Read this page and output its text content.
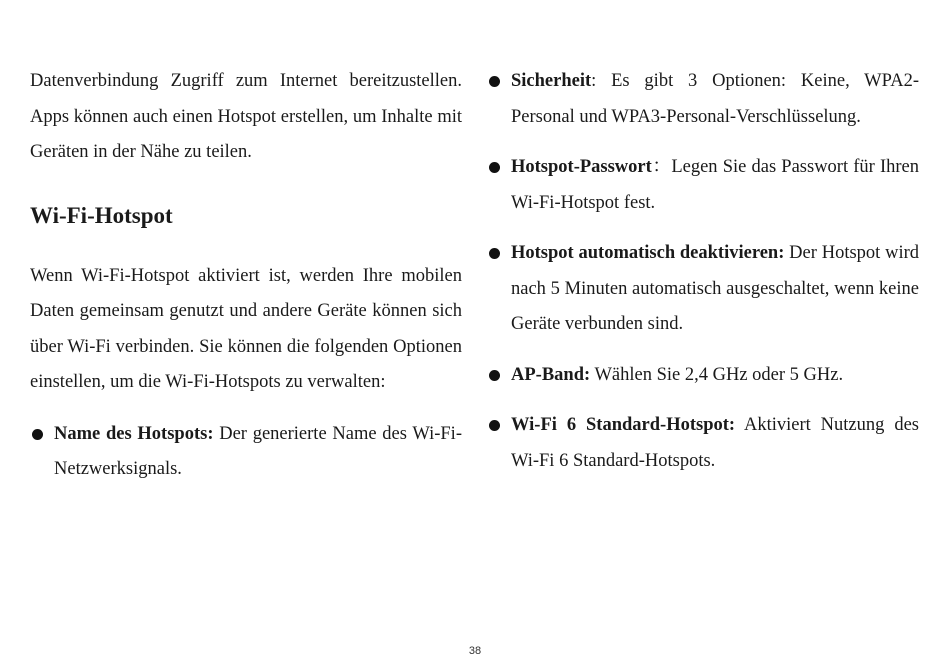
Datenverbindung Zugriff zum Internet bereitzustellen. Apps können auch einen Hotspot erstellen, um Inhalte mit Geräten in der Nähe zu teilen.

Wi-Fi-Hotspot

Wenn Wi-Fi-Hotspot aktiviert ist, werden Ihre mobilen Daten gemeinsam genutzt und andere Geräte können sich über Wi-Fi verbinden. Sie können die folgenden Optionen einstellen, um die Wi-Fi-Hotspots zu verwalten:

Name des Hotspots: Der generierte Name des Wi-Fi-Netzwerksignals.
Sicherheit: Es gibt 3 Optionen: Keine, WPA2-Personal und WPA3-Personal-Verschlüsselung.
Hotspot-Passwort：Legen Sie das Passwort für Ihren Wi-Fi-Hotspot fest.
Hotspot automatisch deaktivieren: Der Hotspot wird nach 5 Minuten automatisch ausgeschaltet, wenn keine Geräte verbunden sind.
AP-Band: Wählen Sie 2,4 GHz oder 5 GHz.
Wi-Fi 6 Standard-Hotspot: Aktiviert Nutzung des Wi-Fi 6 Standard-Hotspots.
38
